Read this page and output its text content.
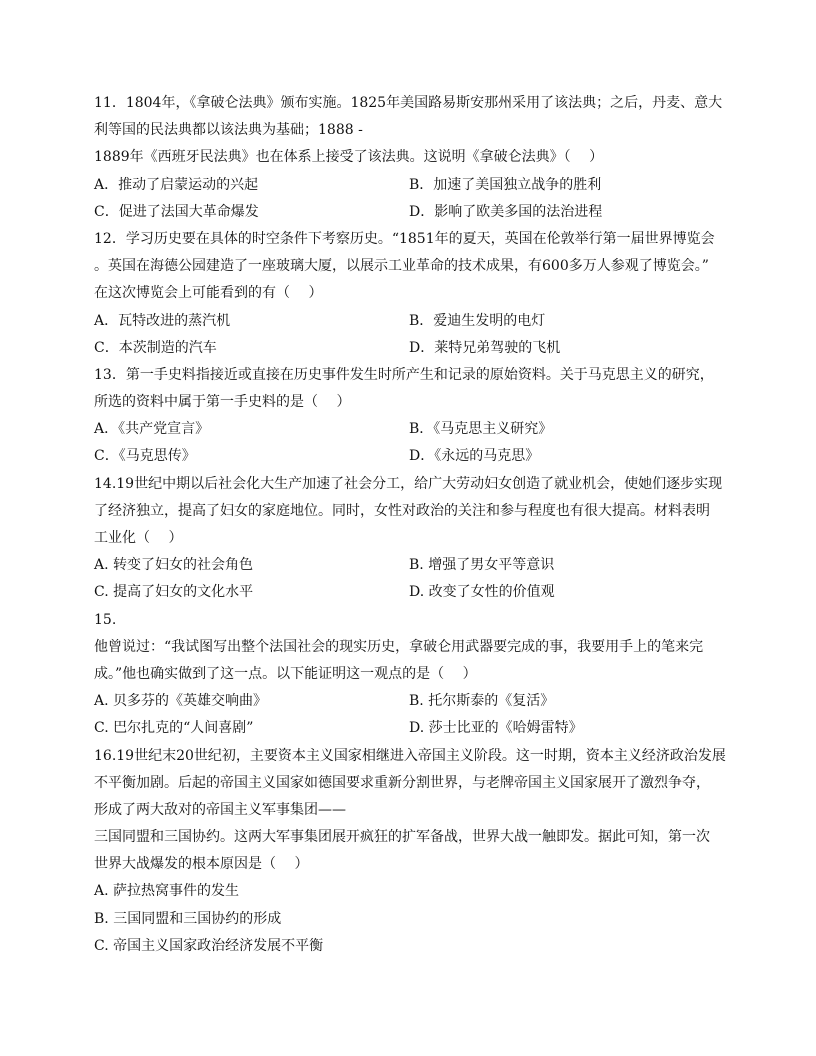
11．1804年，《拿破仑法典》颁布实施。1825年美国路易斯安那州采用了该法典；之后，丹麦、意大
利等国的民法典都以该法典为基础；1888 -
1889年《西班牙民法典》也在体系上接受了该法典。这说明《拿破仑法典》（　 ）
A．推动了启蒙运动的兴起	B．加速了美国独立战争的胜利
C．促进了法国大革命爆发	D．影响了欧美多国的法治进程
12．学习历史要在具体的时空条件下考察历史。“1851年的夏天，英国在伦敦举行第一届世界博览会
。英国在海德公园建造了一座玻璃大厦，以展示工业革命的技术成果，有600多万人参观了博览会。”
在这次博览会上可能看到的有（　 ）
A．瓦特改进的蒸汽机	B．爱迪生发明的电灯
C．本茨制造的汽车	D．莱特兄弟驾驶的飞机
13．第一手史料指接近或直接在历史事件发生时所产生和记录的原始资料。关于马克思主义的研究，
所选的资料中属于第一手史料的是（　 ）
A．《共产党宣言》	B．《马克思主义研究》
C．《马克思传》	D．《永远的马克思》
14.19世纪中期以后社会化大生产加速了社会分工，给广大劳动妇女创造了就业机会，使她们逐步实现
了经济独立，提高了妇女的家庭地位。同时，女性对政治的关注和参与程度也有很大提高。材料表明
工业化（　 ）
A. 转变了妇女的社会角色	B. 增强了男女平等意识
C. 提高了妇女的文化水平	D. 改变了女性的价值观
15.
他曾说过：“我试图写出整个法国社会的现实历史，拿破仑用武器要完成的事，我要用手上的笔来完
成。”他也确实做到了这一点。以下能证明这一观点的是（　 ）
A. 贝多芬的《英雄交响曲》	B. 托尔斯泰的《复活》
C. 巴尔扎克的“人间喜剧”	D. 莎士比亚的《哈姆雷特》
16.19世纪末20世纪初，主要资本主义国家相继进入帝国主义阶段。这一时期，资本主义经济政治发展
不平衡加剧。后起的帝国主义国家如德国要求重新分割世界，与老牌帝国主义国家展开了激烈争夺，
形成了两大敌对的帝国主义军事集团——
三国同盟和三国协约。这两大军事集团展开疯狂的扩军备战，世界大战一触即发。据此可知，第一次
世界大战爆发的根本原因是（　 ）
A. 萨拉热窝事件的发生
B. 三国同盟和三国协约的形成
C. 帝国主义国家政治经济发展不平衡
